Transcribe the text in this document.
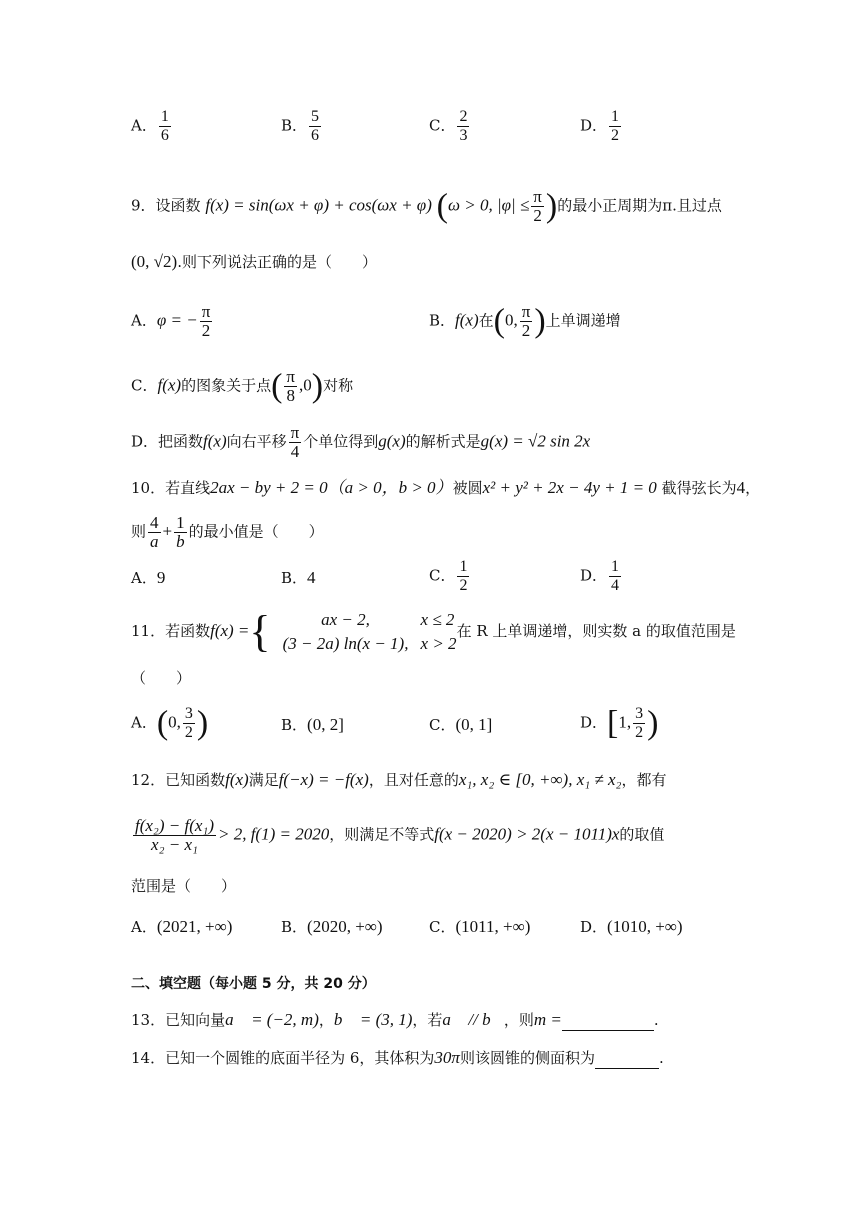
A． $\frac{1}{6}$	B． $\frac{5}{6}$	C． $\frac{2}{3}$	D． $\frac{1}{2}$
9．设函数 f(x) = sin(ωx + φ) + cos(ωx + φ) (ω > 0, $|\varphi| \le \frac{\pi}{2}$ )的最小正周期为π.且过点
(0, √2).则下列说法正确的是（　　）
A．φ = − $\frac{\pi}{2}$	B．f(x)在(0, $\frac{\pi}{2}$ )上单调递增
C．f(x)的图象关于点( $\frac{\pi}{8} ,0$)对称
D．把函数f(x)向右平移 $\frac{\pi}{4}$ 个单位得到g(x)的解析式是g(x) = √2 sin 2x
10．若直线2ax − by + 2 = 0（a > 0，b > 0）被圆x² + y² + 2x − 4y + 1 = 0 截得弦长为4，
则 $\frac{4}{a} + \frac{1}{b}$ 的最小值是（　　）
A．9	B．4	C． $\frac{1}{2}$	D． $\frac{1}{4}$
11．若函数f(x) ={	ax − 2,	x ≤ 2
(3 − 2a) ln(x − 1), x > 2
在 R 上单调递增，则实数 a 的取值范围是
（　　）
A．(0, $\frac{3}{2}$ )	B．(0, 2]	C．(0, 1]	D．[1, $\frac{3}{2}$ )
12．已知函数f(x)满足f(−x) = −f(x)，且对任意的x₁, x₂ ∈ [0, +∞), x₁ ≠ x₂，都有
$\frac{\text{f(x₂) − f(x₁)}}{\text{x₂ − x₁}} > 2$, f(1) = 2020，则满足不等式f(x − 2020) > 2(x − 1011)x的取值
范围是（　　）
A．(2021, +∞)	B．(2020, +∞)	C．(1011, +∞)	D．(1010, +∞)
二、填空题（每小题 5 分，共 20 分）
13．已知向量a⃗ = (−2, m)，b⃗ = (3, 1)，若a⃗ // b⃗，则m =	.
14．已知一个圆锥的底面半径为 6，其体积为30π则该圆锥的侧面积为	.
